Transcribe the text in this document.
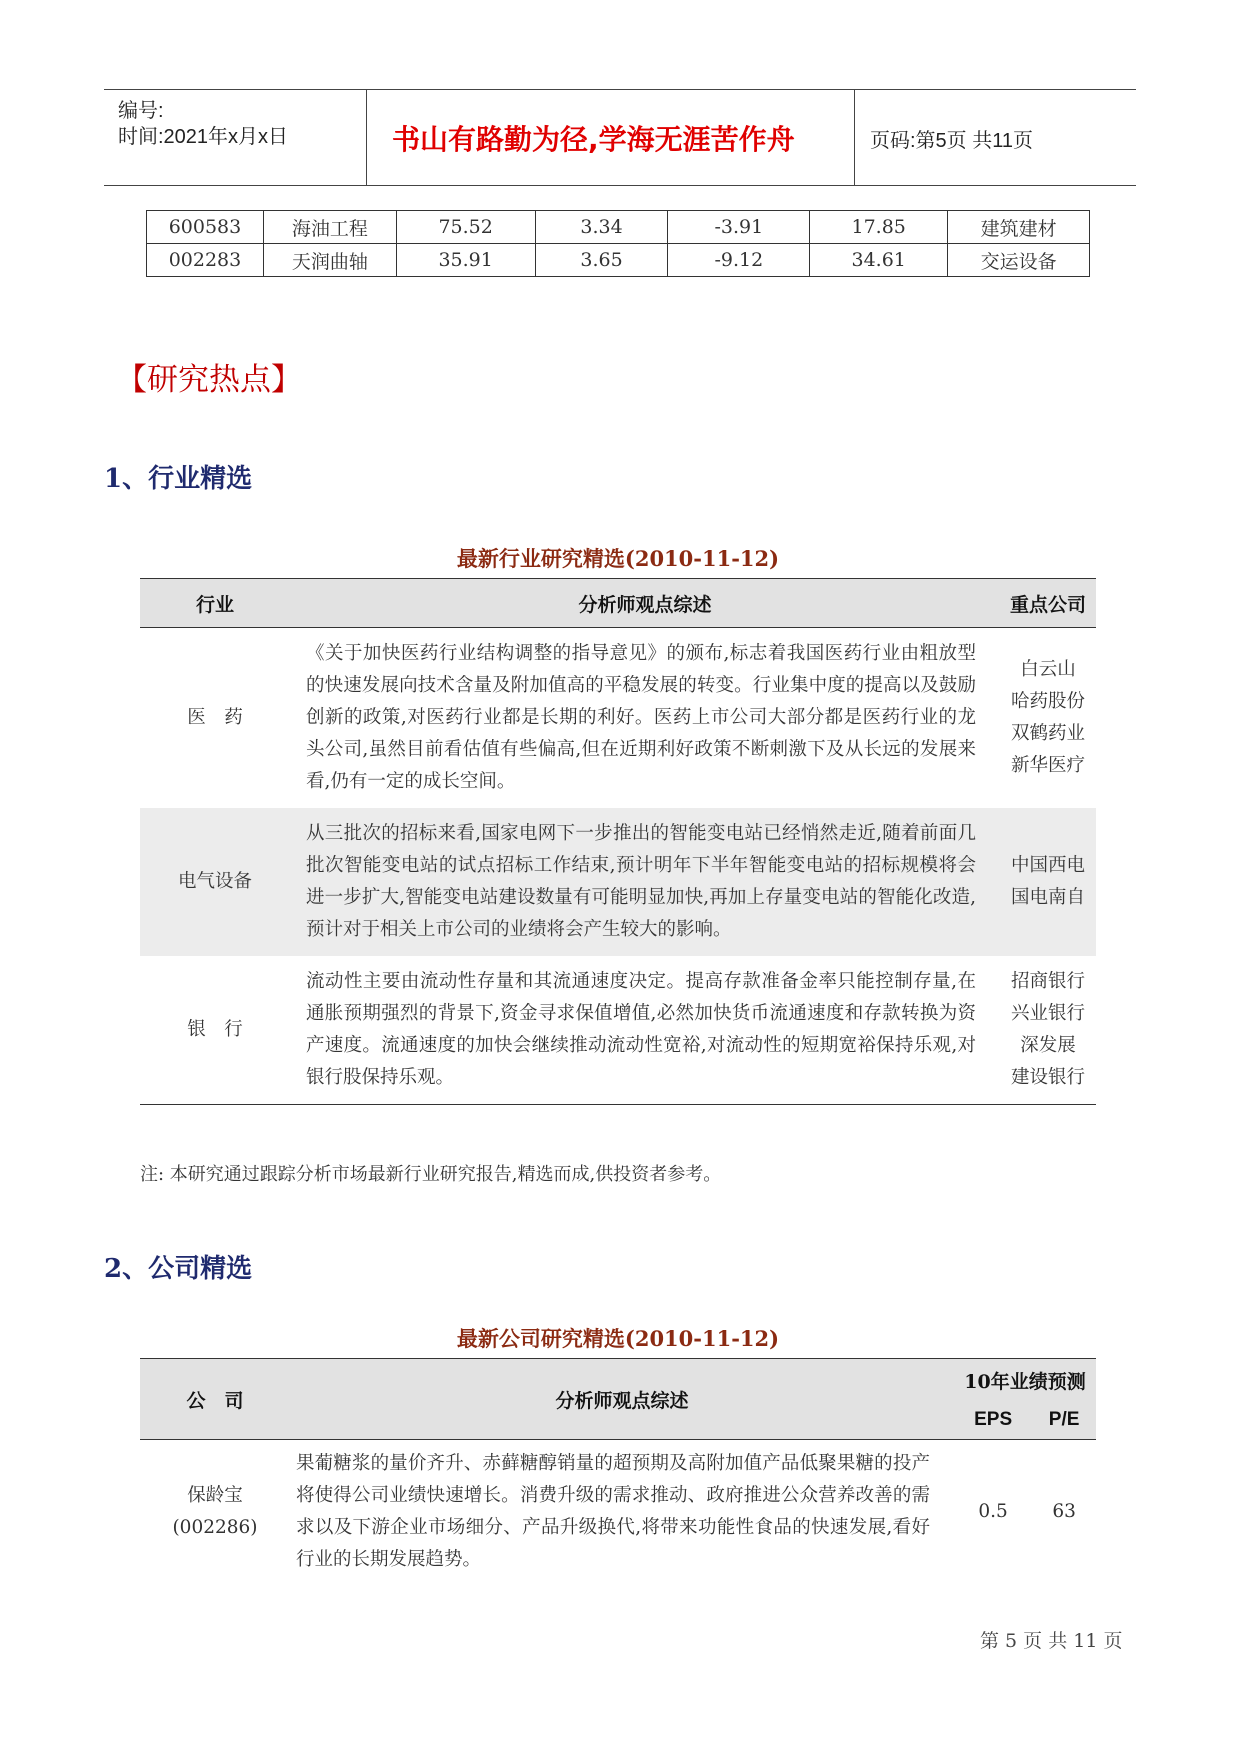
编号:
时间:2021年x月x日	书山有路勤为径,学海无涯苦作舟	页码:第5页 共11页
600583	海油工程	75.52	3.34	-3.91	17.85	建筑建材
002283	天润曲轴	35.91	3.65	-9.12	34.61	交运设备
【研究热点】
1、行业精选
最新行业研究精选(2010-11-12)
行业	分析师观点综述	重点公司
医　药	《关于加快医药行业结构调整的指导意见》的颁布,标志着我国医药行业由粗放型的快速发展向技术含量及附加值高的平稳发展的转变。行业集中度的提高以及鼓励创新的政策,对医药行业都是长期的利好。医药上市公司大部分都是医药行业的龙头公司,虽然目前看估值有些偏高,但在近期利好政策不断刺激下及从长远的发展来看,仍有一定的成长空间。	白云山
哈药股份
双鹤药业
新华医疗

电气设备	从三批次的招标来看,国家电网下一步推出的智能变电站已经悄然走近,随着前面几批次智能变电站的试点招标工作结束,预计明年下半年智能变电站的招标规模将会进一步扩大,智能变电站建设数量有可能明显加快,再加上存量变电站的智能化改造,预计对于相关上市公司的业绩将会产生较大的影响。	中国西电
国电南自

银　行	流动性主要由流动性存量和其流通速度决定。提高存款准备金率只能控制存量,在通胀预期强烈的背景下,资金寻求保值增值,必然加快货币流通速度和存款转换为资产速度。流通速度的加快会继续推动流动性宽裕,对流动性的短期宽裕保持乐观,对银行股保持乐观。	招商银行
兴业银行
深发展
建设银行
注: 本研究通过跟踪分析市场最新行业研究报告,精选而成,供投资者参考。
2、公司精选
最新公司研究精选(2010-11-12)
公　司	分析师观点综述	10年业绩预测	
		EPS	P/E

保龄宝
(002286)	果葡糖浆的量价齐升、赤藓糖醇销量的超预期及高附加值产品低聚果糖的投产将使得公司业绩快速增长。消费升级的需求推动、政府推进公众营养改善的需求以及下游企业市场细分、产品升级换代,将带来功能性食品的快速发展,看好行业的长期发展趋势。	0.5	63
第 5 页 共 11 页
